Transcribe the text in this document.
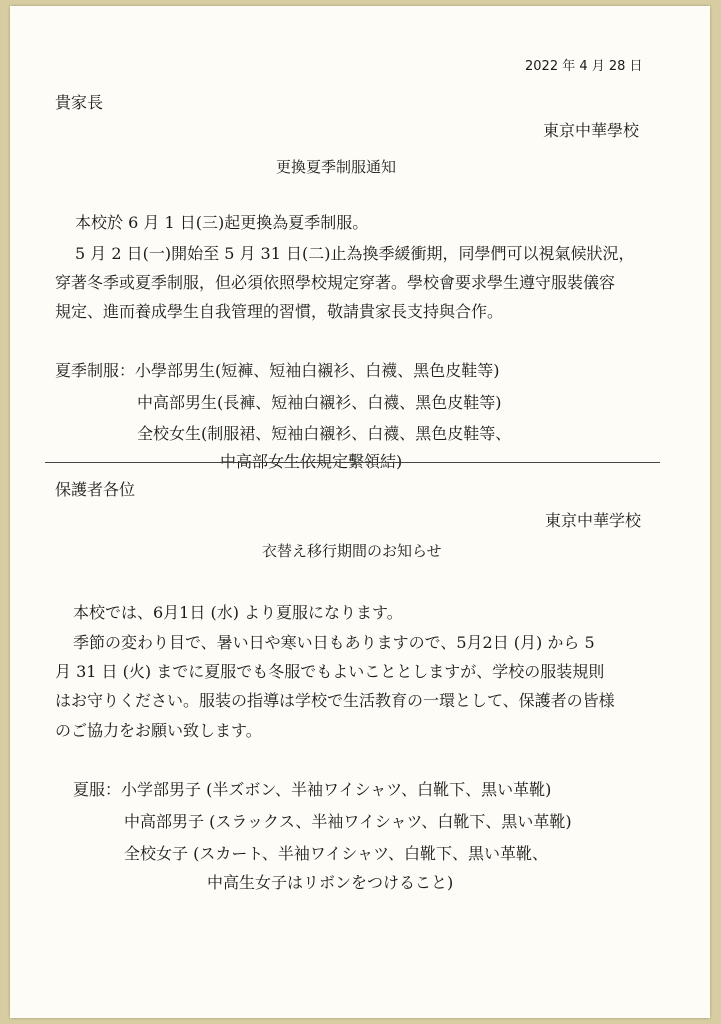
2022 年 4 月 28 日
貴家長
東京中華學校
更換夏季制服通知
本校於 6 月 1 日(三)起更換為夏季制服。
5 月 2 日(一)開始至 5 月 31 日(二)止為換季緩衝期，同學們可以視氣候狀況，
穿著冬季或夏季制服，但必須依照學校規定穿著。學校會要求學生遵守服裝儀容
規定、進而養成學生自我管理的習慣，敬請貴家長支持與合作。
夏季制服：小學部男生(短褲、短袖白襯衫、白襪、黑色皮鞋等)
中高部男生(長褲、短袖白襯衫、白襪、黑色皮鞋等)
全校女生(制服裙、短袖白襯衫、白襪、黑色皮鞋等、
中高部女生依規定繫領結)
保護者各位
東京中華学校
衣替え移行期間のお知らせ
本校では、6月1日 (水) より夏服になります。
季節の変わり目で、暑い日や寒い日もありますので、5月2日 (月) から 5
月 31 日 (火) までに夏服でも冬服でもよいこととしますが、学校の服装規則
はお守りください。服装の指導は学校で生活教育の一環として、保護者の皆様
のご協力をお願い致します。
夏服：小学部男子 (半ズボン、半袖ワイシャツ、白靴下、黒い革靴)
中高部男子 (スラックス、半袖ワイシャツ、白靴下、黒い革靴)
全校女子 (スカート、半袖ワイシャツ、白靴下、黒い革靴、
中高生女子はリボンをつけること)
